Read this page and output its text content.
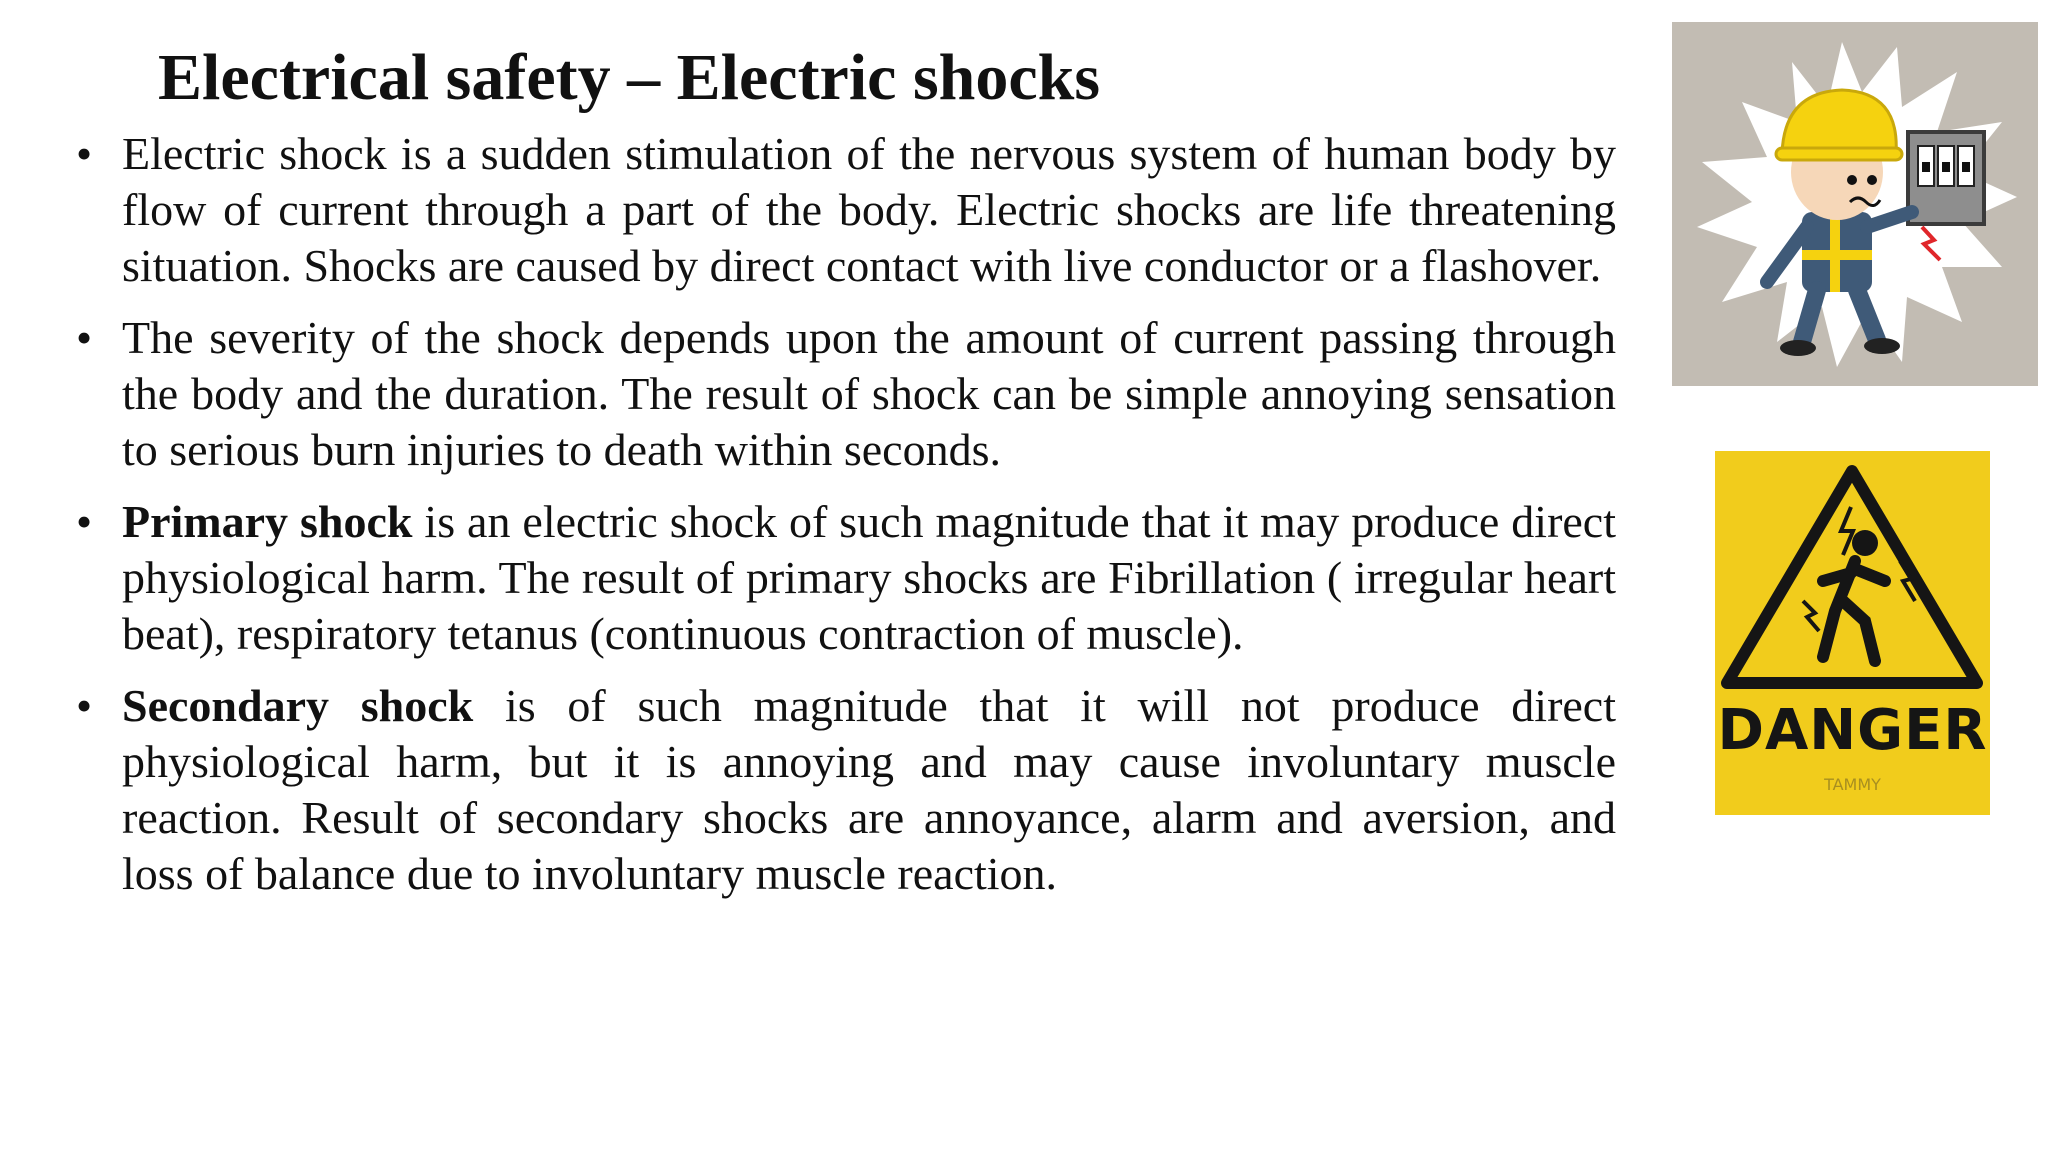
Electrical safety – Electric shocks
• Electric shock is a sudden stimulation of the nervous system of human body by flow of current through a part of the body. Electric shocks are life threatening situation. Shocks are caused by direct contact with live conductor or a flashover.
• The severity of the shock depends upon the amount of current passing through the body and the duration. The result of shock can be simple annoying sensation to serious burn injuries to death within seconds.
• Primary shock is an electric shock of such magnitude that it may produce direct physiological harm. The result of primary shocks are Fibrillation ( irregular heart beat), respiratory tetanus (continuous contraction of muscle).
• Secondary shock is of such magnitude that it will not produce direct physiological harm, but it is annoying and may cause involuntary muscle reaction. Result of secondary shocks are annoyance, alarm and aversion, and loss of balance due to involuntary muscle reaction.
DANGER
TAMMY
